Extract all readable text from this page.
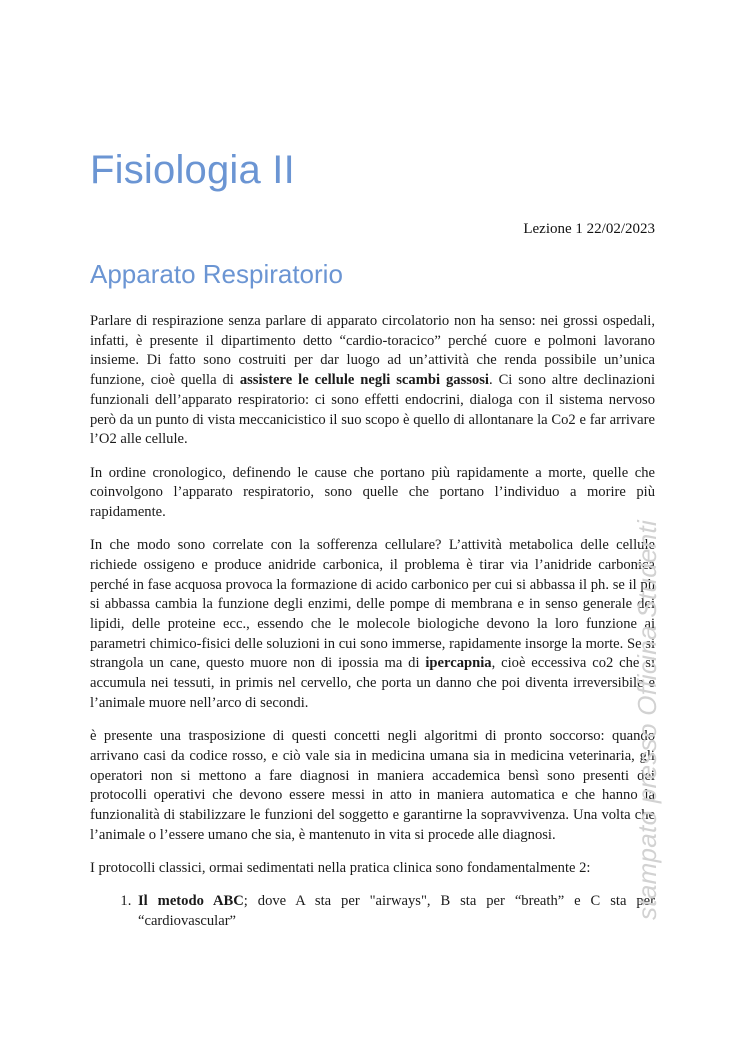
Fisiologia II
Lezione 1 22/02/2023
Apparato Respiratorio

Parlare di respirazione senza parlare di apparato circolatorio non ha senso: nei grossi ospedali, infatti, è presente il dipartimento detto “cardio-toracico” perché cuore e polmoni lavorano insieme. Di fatto sono costruiti per dar luogo ad un’attività che renda possibile un’unica funzione, cioè quella di assistere le cellule negli scambi gassosi. Ci sono altre declinazioni funzionali dell’apparato respiratorio: ci sono effetti endocrini, dialoga con il sistema nervoso però da un punto di vista meccanicistico il suo scopo è quello di allontanare la Co2 e far arrivare l’O2 alle cellule.

In ordine cronologico, definendo le cause che portano più rapidamente a morte, quelle che coinvolgono l’apparato respiratorio, sono quelle che portano l’individuo a morire più rapidamente.

In che modo sono correlate con la sofferenza cellulare? L’attività metabolica delle cellule richiede ossigeno e produce anidride carbonica, il problema è tirar via l’anidride carbonica perché in fase acquosa provoca la formazione di acido carbonico per cui si abbassa il ph. se il ph si abbassa cambia la funzione degli enzimi, delle pompe di membrana e in senso generale dei lipidi, delle proteine ecc., essendo che le molecole biologiche devono la loro funzione ai parametri chimico-fisici delle soluzioni in cui sono immerse, rapidamente insorge la morte. Se si strangola un cane, questo muore non di ipossia ma di ipercapnia, cioè eccessiva co2 che si accumula nei tessuti, in primis nel cervello, che porta un danno che poi diventa irreversibile e l’animale muore nell’arco di secondi.

è presente una trasposizione di questi concetti negli algoritmi di pronto soccorso: quando arrivano casi da codice rosso, e ciò vale sia in medicina umana sia in medicina veterinaria, gli operatori non si mettono a fare diagnosi in maniera accademica bensì sono presenti dei protocolli operativi che devono essere messi in atto in maniera automatica e che hanno la funzionalità di stabilizzare le funzioni del soggetto e garantirne la sopravvivenza. Una volta che l’animale o l’essere umano che sia, è mantenuto in vita si procede alle diagnosi.

I protocolli classici, ormai sedimentati nella pratica clinica sono fondamentalmente 2:

1. Il metodo ABC; dove A sta per "airways", B sta per “breath” e C sta per “cardiovascular”
stampato presso Officina Studenti
